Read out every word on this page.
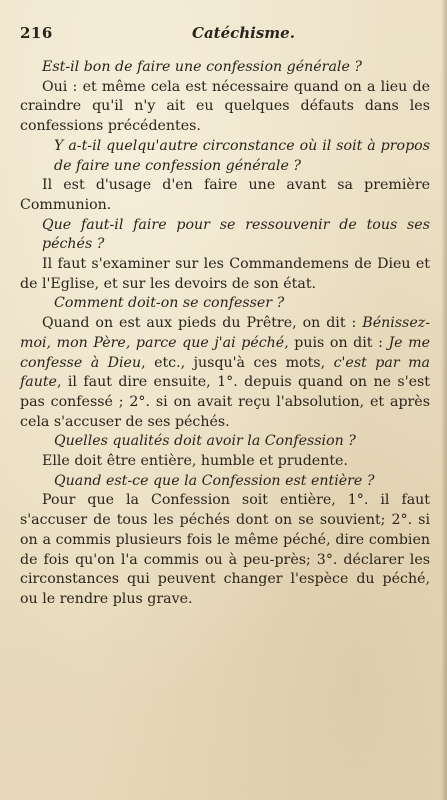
216	Catéchisme.

Est-il bon de faire une confession générale ?

Oui : et même cela est nécessaire quand on a lieu de craindre qu'il n'y ait eu quelques défauts dans les confessions précédentes.

Y a-t-il quelqu'autre circonstance où il soit à propos de faire une confession générale ?

Il est d'usage d'en faire une avant sa première Communion.

Que faut-il faire pour se ressouvenir de tous ses péchés ?

Il faut s'examiner sur les Commandemens de Dieu et de l'Eglise, et sur les devoirs de son état.

Comment doit-on se confesser ?

Quand on est aux pieds du Prêtre, on dit : Bénissez-moi, mon Père, parce que j'ai péché, puis on dit : Je me confesse à Dieu, etc., jusqu'à ces mots, c'est par ma faute, il faut dire ensuite, 1°. depuis quand on ne s'est pas confessé ; 2°. si on avait reçu l'absolution, et après cela s'accuser de ses péchés.

Quelles qualités doit avoir la Confession ?

Elle doit être entière, humble et prudente.

Quand est-ce que la Confession est entière ?

Pour que la Confession soit entière, 1°. il faut s'accuser de tous les péchés dont on se souvient; 2°. si on a commis plusieurs fois le même péché, dire combien de fois qu'on l'a commis ou à peu-près; 3°. déclarer les circonstances qui peuvent changer l'espèce du péché, ou le rendre plus grave.
